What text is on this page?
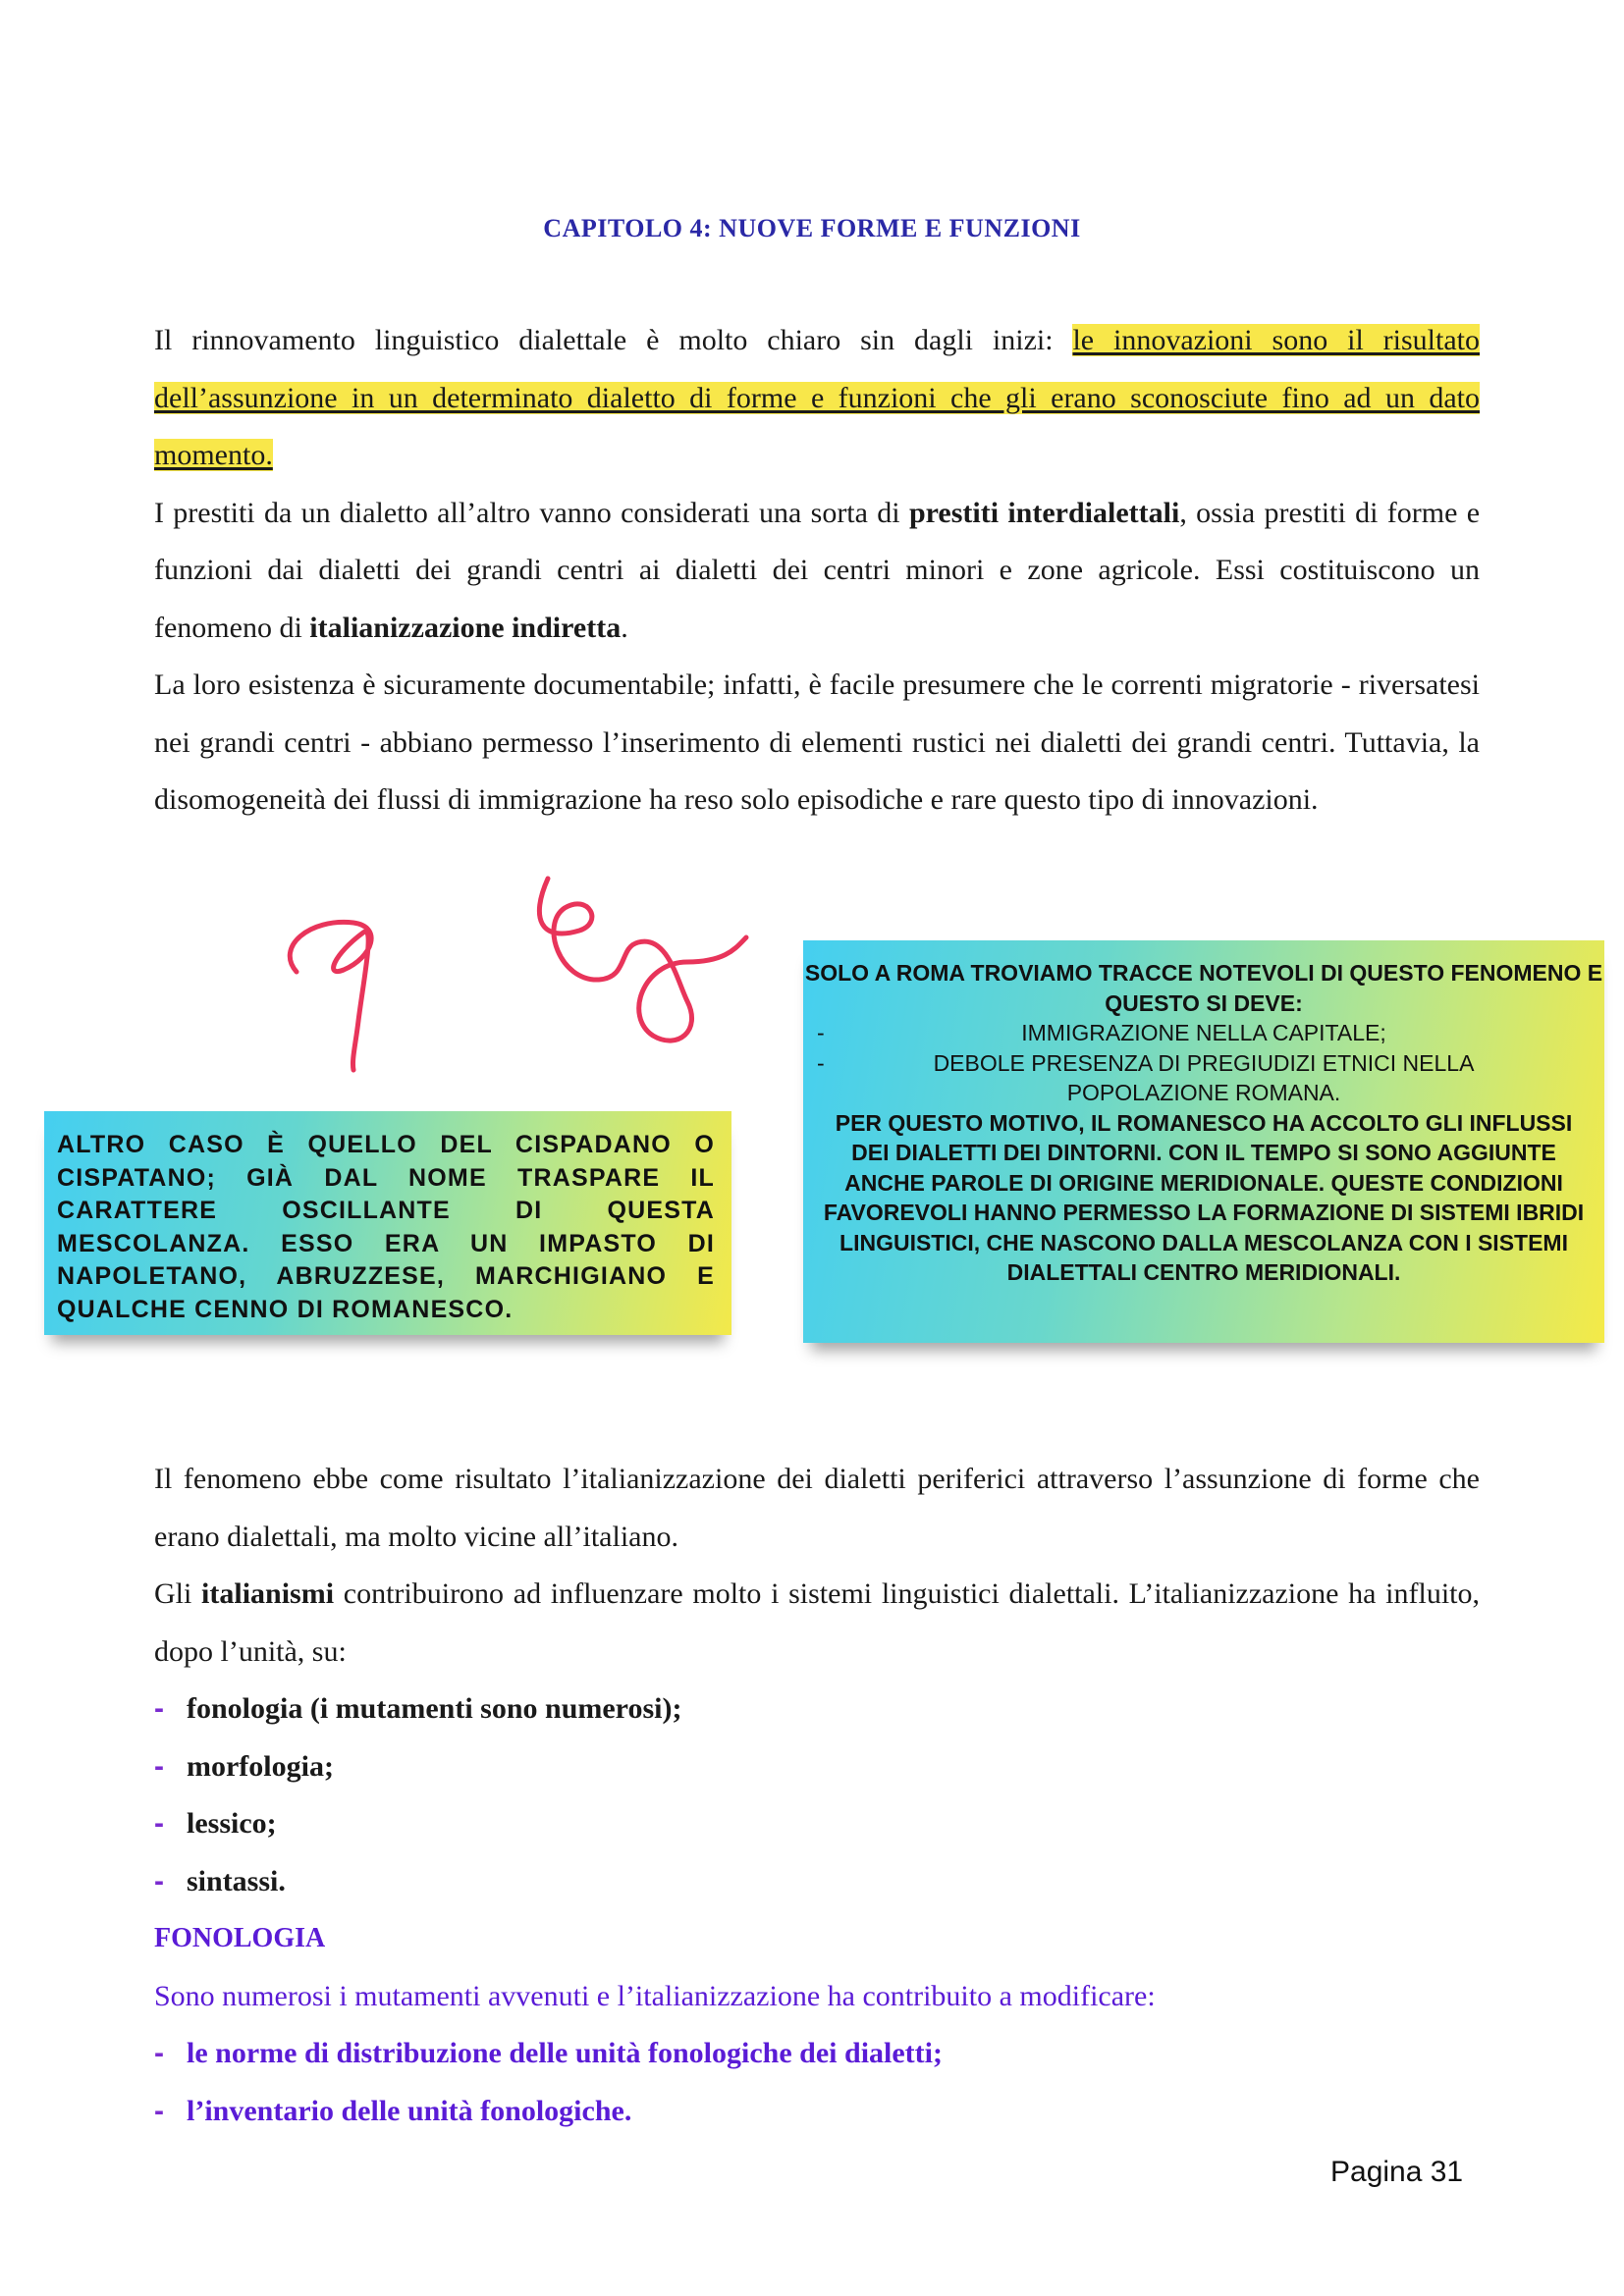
CAPITOLO 4: NUOVE FORME E FUNZIONI

Il rinnovamento linguistico dialettale è molto chiaro sin dagli inizi: le innovazioni sono il risultato dell’assunzione in un determinato dialetto di forme e funzioni che gli erano sconosciute fino ad un dato momento.

I prestiti da un dialetto all’altro vanno considerati una sorta di prestiti interdialettali, ossia prestiti di forme e funzioni dai dialetti dei grandi centri ai dialetti dei centri minori e zone agricole. Essi costituiscono un fenomeno di italianizzazione indiretta.

La loro esistenza è sicuramente documentabile; infatti, è facile presumere che le correnti migratorie - riversatesi nei grandi centri - abbiano permesso l’inserimento di elementi rustici nei dialetti dei grandi centri. Tuttavia, la disomogeneità dei flussi di immigrazione ha reso solo episodiche e rare questo tipo di innovazioni.

ALTRO CASO È QUELLO DEL CISPADANO O CISPATANO; GIÀ DAL NOME TRASPARE IL CARATTERE OSCILLANTE DI QUESTA MESCOLANZA. ESSO ERA UN IMPASTO DI NAPOLETANO, ABRUZZESE, MARCHIGIANO E QUALCHE CENNO DI ROMANESCO.
SOLO A ROMA TROVIAMO TRACCE NOTEVOLI DI QUESTO FENOMENO E QUESTO SI DEVE:
-	IMMIGRAZIONE NELLA CAPITALE;
-	DEBOLE PRESENZA DI PREGIUDIZI ETNICI NELLA POPOLAZIONE ROMANA.
PER QUESTO MOTIVO, IL ROMANESCO HA ACCOLTO GLI INFLUSSI DEI DIALETTI DEI DINTORNI. CON IL TEMPO SI SONO AGGIUNTE ANCHE PAROLE DI ORIGINE MERIDIONALE. QUESTE CONDIZIONI FAVOREVOLI HANNO PERMESSO LA FORMAZIONE DI SISTEMI IBRIDI LINGUISTICI, CHE NASCONO DALLA MESCOLANZA CON I SISTEMI DIALETTALI CENTRO MERIDIONALI.

Il fenomeno ebbe come risultato l’italianizzazione dei dialetti periferici attraverso l’assunzione di forme che erano dialettali, ma molto vicine all’italiano.

Gli italianismi contribuirono ad influenzare molto i sistemi linguistici dialettali. L’italianizzazione ha influito, dopo l’unità, su:

- fonologia (i mutamenti sono numerosi);
- morfologia;
- lessico;
- sintassi.

FONOLOGIA

Sono numerosi i mutamenti avvenuti e l’italianizzazione ha contribuito a modificare:

- le norme di distribuzione delle unità fonologiche dei dialetti;
- l’inventario delle unità fonologiche.
Pagina 31
